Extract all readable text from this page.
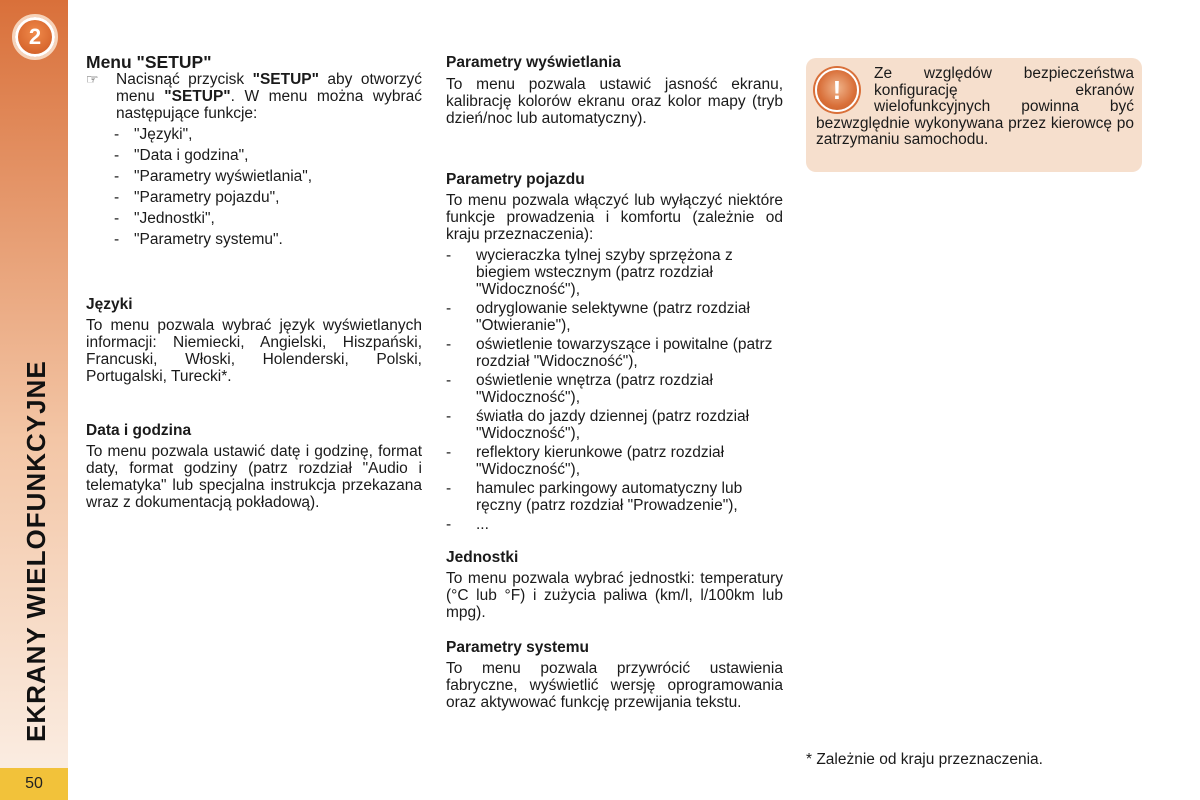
2
EKRANY WIELOFUNKCYJNE
50
Menu "SETUP"

☞ Nacisnąć przycisk "SETUP" aby otworzyć menu "SETUP". W menu można wybrać następujące funkcje:

- "Języki",
- "Data i godzina",
- "Parametry wyświetlania",
- "Parametry pojazdu",
- "Jednostki",
- "Parametry systemu".
Języki

To menu pozwala wybrać język wyświetlanych informacji: Niemiecki, Angielski, Hiszpański, Francuski, Włoski, Holenderski, Polski, Portugalski, Turecki*.

Data i godzina

To menu pozwala ustawić datę i godzinę, format daty, format godziny (patrz rozdział "Audio i telematyka" lub specjalna instrukcja przekazana wraz z dokumentacją pokładową).

Parametry wyświetlania

To menu pozwala ustawić jasność ekranu, kalibrację kolorów ekranu oraz kolor mapy (tryb dzień/noc lub automatyczny).

Parametry pojazdu

To menu pozwala włączyć lub wyłączyć niektóre funkcje prowadzenia i komfortu (zależnie od kraju przeznaczenia):

- wycieraczka tylnej szyby sprzężona z biegiem wstecznym (patrz rozdział "Widoczność"),
- odryglowanie selektywne (patrz rozdział "Otwieranie"),
- oświetlenie towarzyszące i powitalne (patrz rozdział "Widoczność"),
- oświetlenie wnętrza (patrz rozdział "Widoczność"),
- światła do jazdy dziennej (patrz rozdział "Widoczność"),
- reflektory kierunkowe (patrz rozdział "Widoczność"),
- hamulec parkingowy automatyczny lub ręczny (patrz rozdział "Prowadzenie"),
- ...
Jednostki

To menu pozwala wybrać jednostki: temperatury (°C lub °F) i zużycia paliwa (km/l, l/100km lub mpg).

Parametry systemu

To menu pozwala przywrócić ustawienia fabryczne, wyświetlić wersję oprogramowania oraz aktywować funkcję przewijania tekstu.

Ze względów bezpieczeństwa konfigurację ekranów wielofunkcyjnych powinna być bezwzględnie wykonywana przez kierowcę po zatrzymaniu samochodu.

!
* Zależnie od kraju przeznaczenia.
